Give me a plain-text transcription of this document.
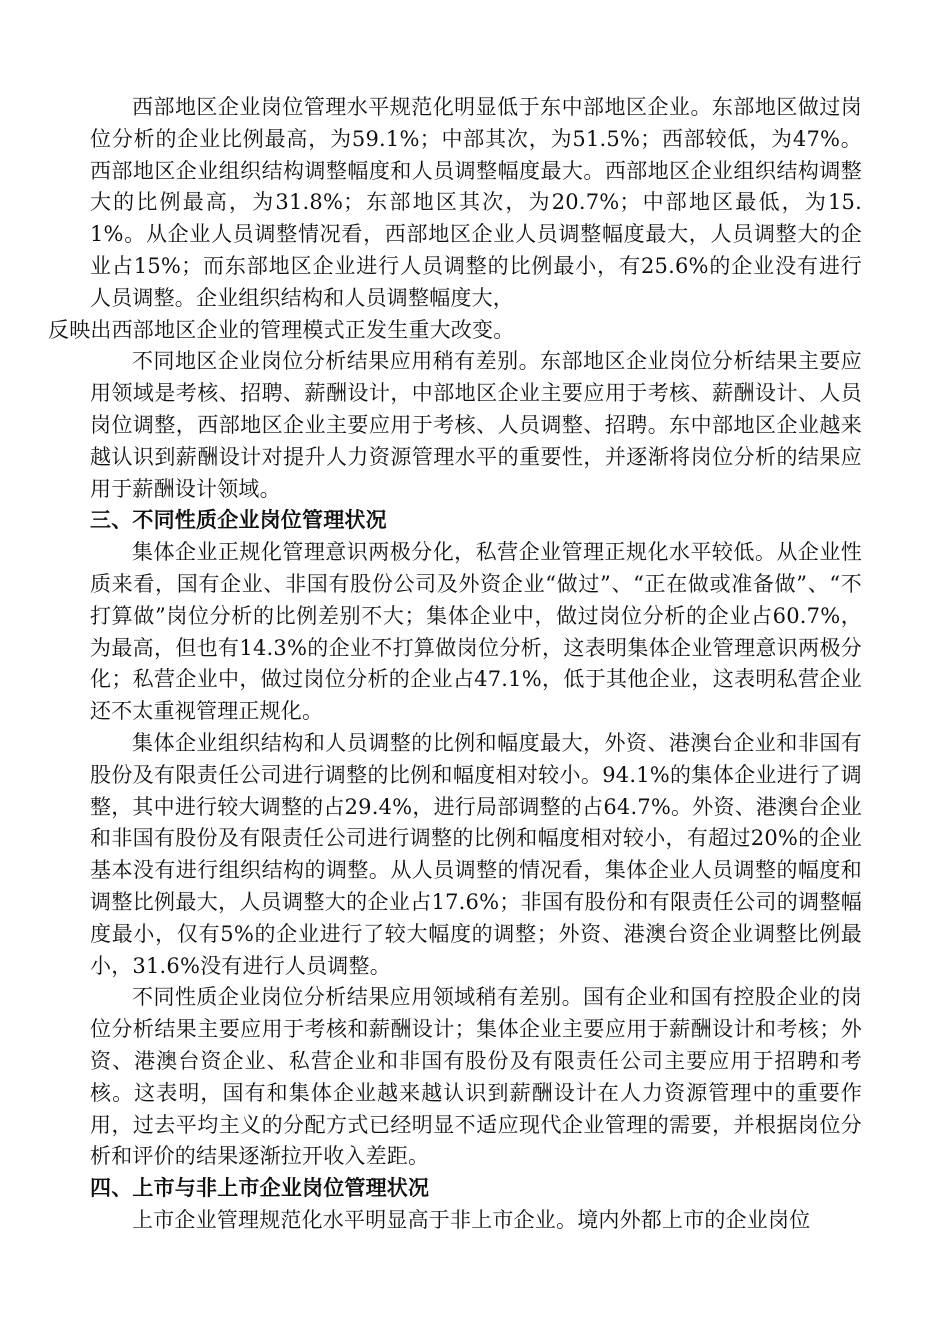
西部地区企业岗位管理水平规范化明显低于东中部地区企业。东部地区做过岗位分析的企业比例最高，为59.1%；中部其次，为51.5%；西部较低，为47%。西部地区企业组织结构调整幅度和人员调整幅度最大。西部地区企业组织结构调整大的比例最高，为31.8%；东部地区其次，为20.7%；中部地区最低，为15.1%。从企业人员调整情况看，西部地区企业人员调整幅度最大，人员调整大的企业占15%；而东部地区企业进行人员调整的比例最小，有25.6%的企业没有进行人员调整。企业组织结构和人员调整幅度大，
反映出西部地区企业的管理模式正发生重大改变。

不同地区企业岗位分析结果应用稍有差别。东部地区企业岗位分析结果主要应用领域是考核、招聘、薪酬设计，中部地区企业主要应用于考核、薪酬设计、人员岗位调整，西部地区企业主要应用于考核、人员调整、招聘。东中部地区企业越来越认识到薪酬设计对提升人力资源管理水平的重要性，并逐渐将岗位分析的结果应用于薪酬设计领域。

三、不同性质企业岗位管理状况

集体企业正规化管理意识两极分化，私营企业管理正规化水平较低。从企业性质来看，国有企业、非国有股份公司及外资企业“做过”、“正在做或准备做”、“不打算做”岗位分析的比例差别不大；集体企业中，做过岗位分析的企业占60.7%，为最高，但也有14.3%的企业不打算做岗位分析，这表明集体企业管理意识两极分化；私营企业中，做过岗位分析的企业占47.1%，低于其他企业，这表明私营企业还不太重视管理正规化。

集体企业组织结构和人员调整的比例和幅度最大，外资、港澳台企业和非国有股份及有限责任公司进行调整的比例和幅度相对较小。94.1%的集体企业进行了调整，其中进行较大调整的占29.4%，进行局部调整的占64.7%。外资、港澳台企业和非国有股份及有限责任公司进行调整的比例和幅度相对较小，有超过20%的企业基本没有进行组织结构的调整。从人员调整的情况看，集体企业人员调整的幅度和调整比例最大，人员调整大的企业占17.6%；非国有股份和有限责任公司的调整幅度最小，仅有5%的企业进行了较大幅度的调整；外资、港澳台资企业调整比例最小，31.6%没有进行人员调整。

不同性质企业岗位分析结果应用领域稍有差别。国有企业和国有控股企业的岗位分析结果主要应用于考核和薪酬设计；集体企业主要应用于薪酬设计和考核；外资、港澳台资企业、私营企业和非国有股份及有限责任公司主要应用于招聘和考核。这表明，国有和集体企业越来越认识到薪酬设计在人力资源管理中的重要作用，过去平均主义的分配方式已经明显不适应现代企业管理的需要，并根据岗位分析和评价的结果逐渐拉开收入差距。

四、上市与非上市企业岗位管理状况

上市企业管理规范化水平明显高于非上市企业。境内外都上市的企业岗位
